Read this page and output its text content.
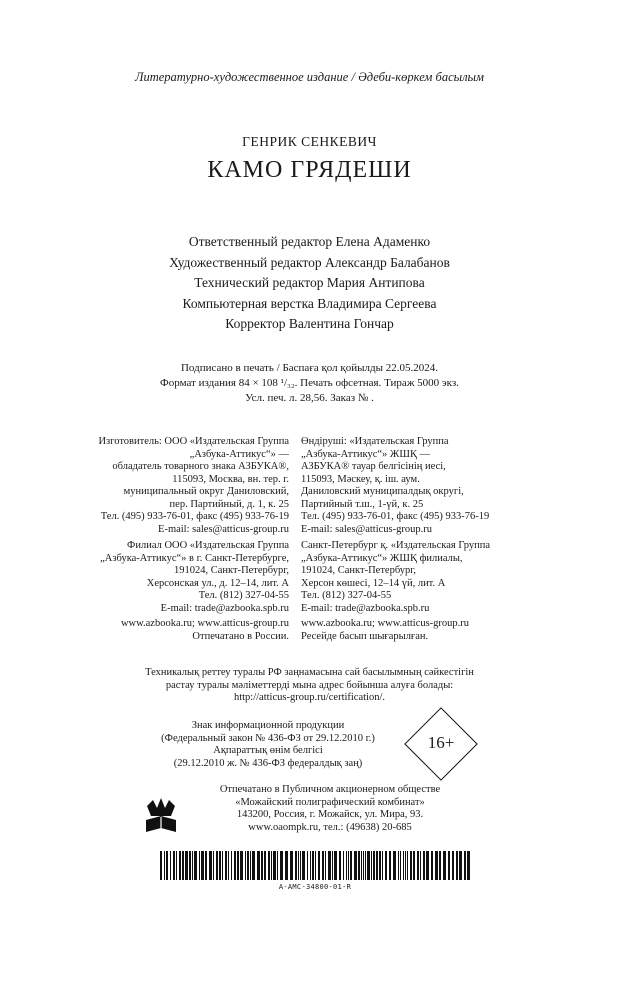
Литературно-художественное издание / Әдеби-көркем басылым
ГЕНРИК СЕНКЕВИЧ
КАМО ГРЯДЕШИ
Ответственный редактор Елена Адаменко
Художественный редактор Александр Балабанов
Технический редактор Мария Антипова
Компьютерная верстка Владимира Сергеева
Корректор Валентина Гончар
Подписано в печать / Баспаға қол қойылды 22.05.2024.
Формат издания 84 × 108 ¹/₃₂. Печать офсетная. Тираж 5000 экз.
Усл. печ. л. 28,56. Заказ № .
Изготовитель: ООО «Издательская Группа
„Азбука-Аттикус“» —
обладатель товарного знака АЗБУКА®,
115093, Москва, вн. тер. г.
муниципальный округ Даниловский,
пер. Партийный, д. 1, к. 25
Тел. (495) 933-76-01, факс (495) 933-76-19
E-mail: sales@atticus-group.ru
Өндіруші: «Издательская Группа
„Азбука-Аттикус“» ЖШҚ —
АЗБУКА® тауар белгісінің иесі,
115093, Мәскеу, қ. іш. аум.
Даниловский муниципалдық округі,
Партийный т.ш., 1-үй, к. 25
Тел. (495) 933-76-01, факс (495) 933-76-19
E-mail: sales@atticus-group.ru
Филиал ООО «Издательская Группа
„Азбука-Аттикус“» в г. Санкт-Петербурге,
191024, Санкт-Петербург,
Херсонская ул., д. 12–14, лит. А
Тел. (812) 327-04-55
E-mail: trade@azbooka.spb.ru
Санкт-Петербург қ. «Издательская Группа
„Азбука-Аттикус“» ЖШҚ филиалы,
191024, Санкт-Петербург,
Херсон көшесі, 12–14 үй, лит. А
Тел. (812) 327-04-55
E-mail: trade@azbooka.spb.ru
www.azbooka.ru; www.atticus-group.ru
Отпечатано в России.
www.azbooka.ru; www.atticus-group.ru
Ресейде басып шығарылған.
Техникалық реттеу туралы РФ заңнамасына сай басылымның сәйкестігін
растау туралы мәліметтерді мына адрес бойынша алуға болады:
http://atticus-group.ru/certification/.
Знак информационной продукции
(Федеральный закон № 436-ФЗ от 29.12.2010 г.)
Ақпараттық өнім белгісі
(29.12.2010 ж. № 436-ФЗ федералдық заң)
16+
Отпечатано в Публичном акционерном обществе
«Можайский полиграфический комбинат»
143200, Россия, г. Можайск, ул. Мира, 93.
www.oaompk.ru, тел.: (49638) 20-685
A-AMC-34800-01-R
